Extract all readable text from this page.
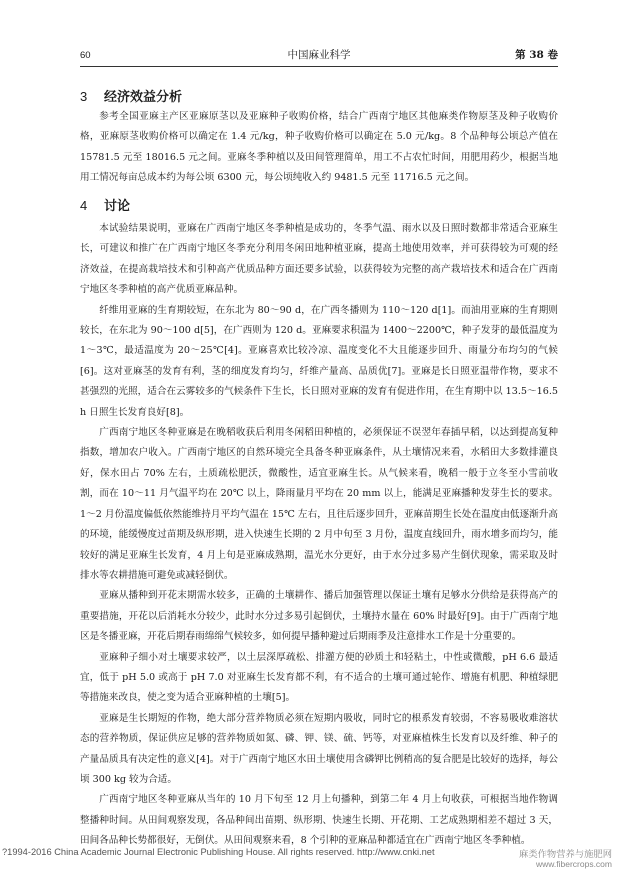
60	中国麻业科学	第 38 卷
3 经济效益分析

参考全国亚麻主产区亚麻原茎以及亚麻种子收购价格，结合广西南宁地区其他麻类作物原茎及种子收购价格，亚麻原茎收购价格可以确定在 1.4 元/kg，种子收购价格可以确定在 5.0 元/kg。8 个品种每公顷总产值在 15781.5 元至 18016.5 元之间。亚麻冬季种植以及田间管理简单，用工不占农忙时间，用肥用药少，根据当地用工情况每亩总成本约为每公顷 6300 元，每公顷纯收入约 9481.5 元至 11716.5 元之间。

4 讨论

本试验结果说明，亚麻在广西南宁地区冬季种植是成功的，冬季气温、雨水以及日照时数都非常适合亚麻生长，可建议和推广在广西南宁地区冬季充分利用冬闲田地种植亚麻，提高土地使用效率，并可获得较为可观的经济效益，在提高栽培技术和引种高产优质品种方面还要多试验，以获得较为完整的高产栽培技术和适合在广西南宁地区冬季种植的高产优质亚麻品种。

纤维用亚麻的生育期较短，在东北为 80～90 d，在广西冬播则为 110～120 d[1]。而油用亚麻的生育期则较长，在东北为 90～100 d[5]，在广西则为 120 d。亚麻要求积温为 1400～2200℃，种子发芽的最低温度为 1～3℃，最适温度为 20～25℃[4]。亚麻喜欢比较冷凉、温度变化不大且能逐步回升、雨量分布均匀的气候[6]。这对亚麻茎的发育有利，茎的细度发育均匀，纤维产量高、品质优[7]。亚麻是长日照亚温带作物，要求不甚强烈的光照，适合在云雾较多的气候条件下生长，长日照对亚麻的发育有促进作用，在生育期中以 13.5～16.5 h 日照生长发育良好[8]。

广西南宁地区冬种亚麻是在晚稻收获后利用冬闲稻田种植的，必须保证不误翌年春插早稻，以达到提高复种指数，增加农户收入。广西南宁地区的自然环境完全具备冬种亚麻条件，从土壤情况来看，水稻田大多数排灌良好，保水田占 70% 左右，土质疏松肥沃，微酸性，适宜亚麻生长。从气候来看，晚稻一般于立冬至小雪前收割，而在 10～11 月气温平均在 20℃ 以上，降雨量月平均在 20 mm 以上，能满足亚麻播种发芽生长的要求。1～2 月份温度偏低依然能维持月平均气温在 15℃ 左右，且往后逐步回升，亚麻苗期生长处在温度由低逐渐升高的环境，能缓慢度过苗期及纵形期，进入快速生长期的 2 月中旬至 3 月份，温度直线回升，雨水增多而均匀，能较好的满足亚麻生长发育，4 月上旬是亚麻成熟期，温光水分更好，由于水分过多易产生倒伏现象，需采取及时排水等农耕措施可避免或减轻倒伏。

亚麻从播种到开花末期需水较多，正确的土壤耕作、播后加强管理以保证土壤有足够水分供给是获得高产的重要措施，开花以后消耗水分较少，此时水分过多易引起倒伏，土壤持水量在 60% 时最好[9]。由于广西南宁地区是冬播亚麻，开花后期春雨绵绵气候较多，如何提早播种避过后期雨季及注意排水工作是十分重要的。

亚麻种子细小对土壤要求较严，以土层深厚疏松、排灌方便的砂质土和轻粘土，中性或微酸，pH 6.6 最适宜，低于 pH 5.0 或高于 pH 7.0 对亚麻生长发育都不利，有不适合的土壤可通过轮作、增施有机肥、种植绿肥等措施来改良，使之变为适合亚麻种植的土壤[5]。

亚麻是生长期短的作物，绝大部分营养物质必须在短期内吸收，同时它的根系发育较弱，不容易吸收难溶状态的营养物质，保证供应足够的营养物质如氮、磷、钾、镁、硫、钙等，对亚麻植株生长发育以及纤维、种子的产量品质具有决定性的意义[4]。对于广西南宁地区水田土壤使用含磷钾比例稍高的复合肥是比较好的选择，每公顷 300 kg 较为合适。

广西南宁地区冬种亚麻从当年的 10 月下旬至 12 月上旬播种，到第二年 4 月上旬收获，可根据当地作物调整播种时间。从田间观察发现，各品种间出苗期、纵形期、快速生长期、开花期、工艺成熟期相差不超过 3 天，田间各品种长势都很好，无倒伏。从田间观察来看，8 个引种的亚麻品种都适宜在广西南宁地区冬季种植。

?1994-2016 China Academic Journal Electronic Publishing House. All rights reserved. http://www.cnki.net	麻类作物营养与施肥网
www.fibercrops.com
